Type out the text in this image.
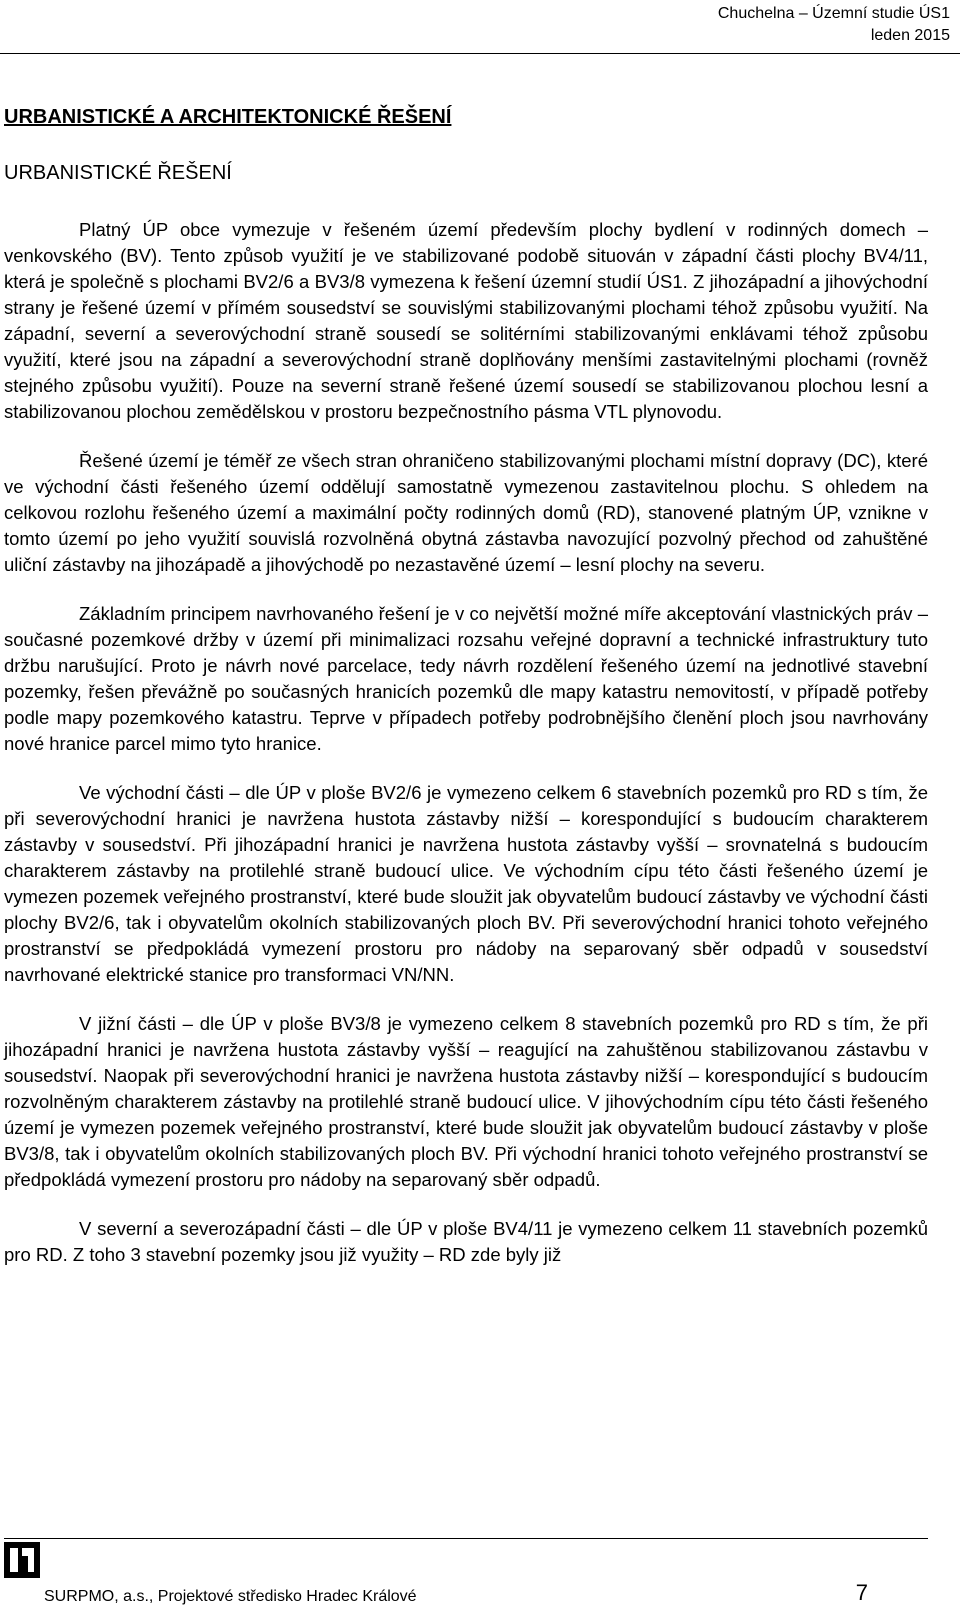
Chuchelna – Územní studie ÚS1
leden 2015
URBANISTICKÉ A ARCHITEKTONICKÉ ŘEŠENÍ
URBANISTICKÉ ŘEŠENÍ

Platný ÚP obce vymezuje v řešeném území především plochy bydlení v rodinných domech – venkovského (BV). Tento způsob využití je ve stabilizované podobě situován v západní části plochy BV4/11, která je společně s plochami BV2/6 a BV3/8 vymezena k řešení územní studií ÚS1. Z jihozápadní a jihovýchodní strany je řešené území v přímém sousedství se souvislými stabilizovanými plochami téhož způsobu využití. Na západní, severní a severovýchodní straně sousedí se solitérními stabilizovanými enklávami téhož způsobu využití, které jsou na západní a severovýchodní straně doplňovány menšími zastavitelnými plochami (rovněž stejného způsobu využití). Pouze na severní straně řešené území sousedí se stabilizovanou plochou lesní a stabilizovanou plochou zemědělskou v prostoru bezpečnostního pásma VTL plynovodu.

Řešené území je téměř ze všech stran ohraničeno stabilizovanými plochami místní dopravy (DC), které ve východní části řešeného území oddělují samostatně vymezenou zastavitelnou plochu. S ohledem na celkovou rozlohu řešeného území a maximální počty rodinných domů (RD), stanovené platným ÚP, vznikne v tomto území po jeho využití souvislá rozvolněná obytná zástavba navozující pozvolný přechod od zahuštěné uliční zástavby na jihozápadě a jihovýchodě po nezastavěné území – lesní plochy na severu.

Základním principem navrhovaného řešení je v co největší možné míře akceptování vlastnických práv – současné pozemkové držby v území při minimalizaci rozsahu veřejné dopravní a technické infrastruktury tuto držbu narušující. Proto je návrh nové parcelace, tedy návrh rozdělení řešeného území na jednotlivé stavební pozemky, řešen převážně po současných hranicích pozemků dle mapy katastru nemovitostí, v případě potřeby podle mapy pozemkového katastru. Teprve v případech potřeby podrobnějšího členění ploch jsou navrhovány nové hranice parcel mimo tyto hranice.

Ve východní části – dle ÚP v ploše BV2/6 je vymezeno celkem 6 stavebních pozemků pro RD s tím, že při severovýchodní hranici je navržena hustota zástavby nižší – korespondující s budoucím charakterem zástavby v sousedství. Při jihozápadní hranici je navržena hustota zástavby vyšší – srovnatelná s budoucím charakterem zástavby na protilehlé straně budoucí ulice. Ve východním cípu této části řešeného území je vymezen pozemek veřejného prostranství, které bude sloužit jak obyvatelům budoucí zástavby ve východní části plochy BV2/6, tak i obyvatelům okolních stabilizovaných ploch BV. Při severovýchodní hranici tohoto veřejného prostranství se předpokládá vymezení prostoru pro nádoby na separovaný sběr odpadů v sousedství navrhované elektrické stanice pro transformaci VN/NN.

V jižní části – dle ÚP v ploše BV3/8 je vymezeno celkem 8 stavebních pozemků pro RD s tím, že při jihozápadní hranici je navržena hustota zástavby vyšší – reagující na zahuštěnou stabilizovanou zástavbu v sousedství. Naopak při severovýchodní hranici je navržena hustota zástavby nižší – korespondující s budoucím rozvolněným charakterem zástavby na protilehlé straně budoucí ulice. V jihovýchodním cípu této části řešeného území je vymezen pozemek veřejného prostranství, které bude sloužit jak obyvatelům budoucí zástavby v ploše BV3/8, tak i obyvatelům okolních stabilizovaných ploch BV. Při východní hranici tohoto veřejného prostranství se předpokládá vymezení prostoru pro nádoby na separovaný sběr odpadů.

V severní a severozápadní části – dle ÚP v ploše BV4/11 je vymezeno celkem 11 stavebních pozemků pro RD. Z toho 3 stavební pozemky jsou již využity – RD zde byly již

SURPMO, a.s., Projektové středisko Hradec Králové	7
